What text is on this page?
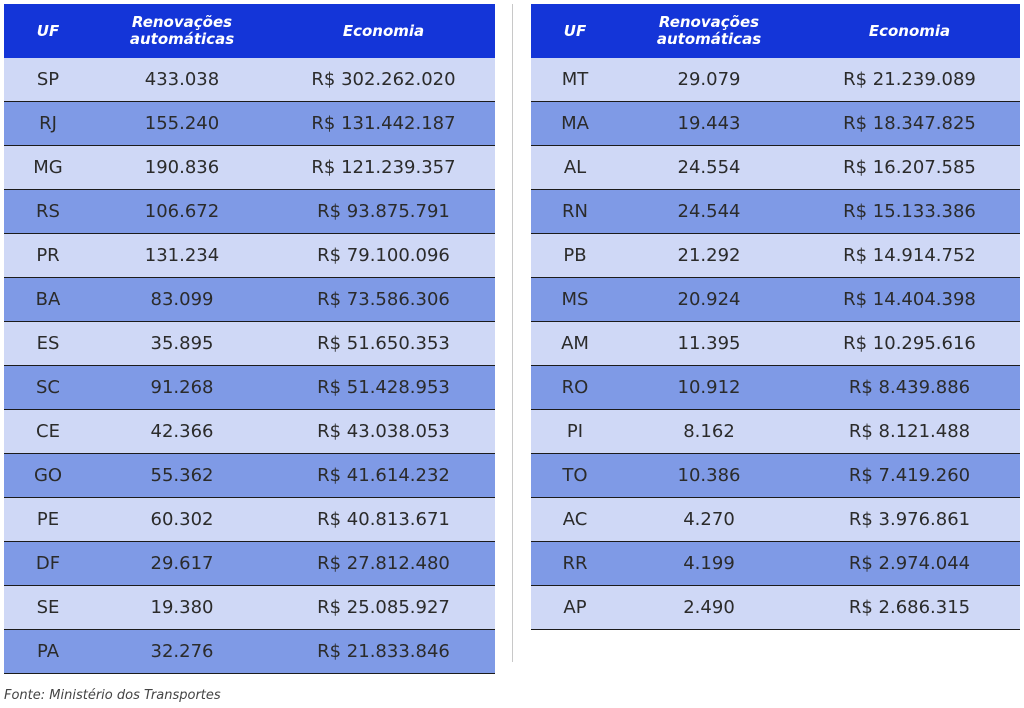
UF	Renovações automáticas	Economia
SP	433.038	R$ 302.262.020
RJ	155.240	R$ 131.442.187
MG	190.836	R$ 121.239.357
RS	106.672	R$ 93.875.791
PR	131.234	R$ 79.100.096
BA	83.099	R$ 73.586.306
ES	35.895	R$ 51.650.353
SC	91.268	R$ 51.428.953
CE	42.366	R$ 43.038.053
GO	55.362	R$ 41.614.232
PE	60.302	R$ 40.813.671
DF	29.617	R$ 27.812.480
SE	19.380	R$ 25.085.927
PA	32.276	R$ 21.833.846
UF	Renovações automáticas	Economia
MT	29.079	R$ 21.239.089
MA	19.443	R$ 18.347.825
AL	24.554	R$ 16.207.585
RN	24.544	R$ 15.133.386
PB	21.292	R$ 14.914.752
MS	20.924	R$ 14.404.398
AM	11.395	R$ 10.295.616
RO	10.912	R$ 8.439.886
PI	8.162	R$ 8.121.488
TO	10.386	R$ 7.419.260
AC	4.270	R$ 3.976.861
RR	4.199	R$ 2.974.044
AP	2.490	R$ 2.686.315
Fonte: Ministério dos Transportes
